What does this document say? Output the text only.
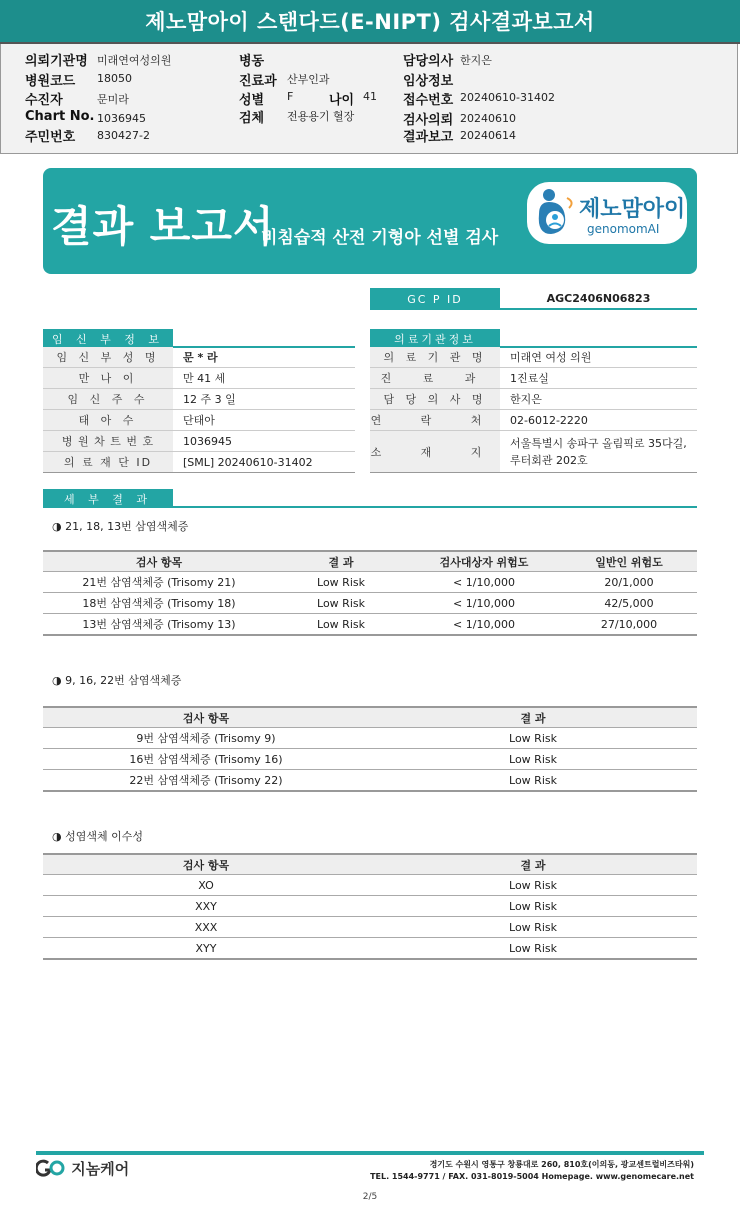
제노맘아이 스탠다드(E-NIPT) 검사결과보고서
의뢰기관명 미래연여성의원
병원코드 18050
수진자	문미라
Chart No. 1036945
주민번호 830427-2
병동
진료과 산부인과
성별 F	나이 41
검체 전용용기 혈장
담당의사 한지은
임상정보
접수번호 20240610-31402
검사의뢰 20240610
결과보고 20240614
결과 보고서
비침습적 산전 기형아 선별 검사
제노맘아이
genomomAI
GC P ID	AGC2406N06823
임 신 부 정 보
임 신 부 성 명	문 * 라
만 나 이	만 41 세
임 신 주 수	12 주 3 일
태 아 수	단태아
병 원 차 트 번 호	1036945
의 료 재 단 ID	[SML] 20240610-31402
의료기관정보
의 료 기 관 명	미래연 여성 의원
진 료 과	1진료실
담 당 의 사 명	한지은
연 락 처 02-6012-2220
소 재 지
서울특별시 송파구 올림픽로 35다길,
루터회관 202호
세 부 결 과
◑ 21, 18, 13번 삼염색체증
검사 항목	결 과	검사대상자 위험도	일반인 위험도
21번 삼염색체증 (Trisomy 21)	Low Risk	< 1/10,000	20/1,000
18번 삼염색체증 (Trisomy 18)	Low Risk	< 1/10,000	42/5,000
13번 삼염색체증 (Trisomy 13)	Low Risk	< 1/10,000	27/10,000
◑ 9, 16, 22번 삼염색체증
검사 항목	결 과
9번 삼염색체증 (Trisomy 9)	Low Risk
16번 삼염색체증 (Trisomy 16)	Low Risk
22번 삼염색체증 (Trisomy 22)	Low Risk
◑ 성염색체 이수성
검사 항목	결 과
XO	Low Risk
XXY	Low Risk
XXX	Low Risk
XYY	Low Risk
지놈케어	경기도 수원시 영통구 창룡대로 260, 810호(이의동, 광교센트럴비즈타워)
TEL. 1544-9771 / FAX. 031-8019-5004 Homepage. www.genomecare.net
2/5
